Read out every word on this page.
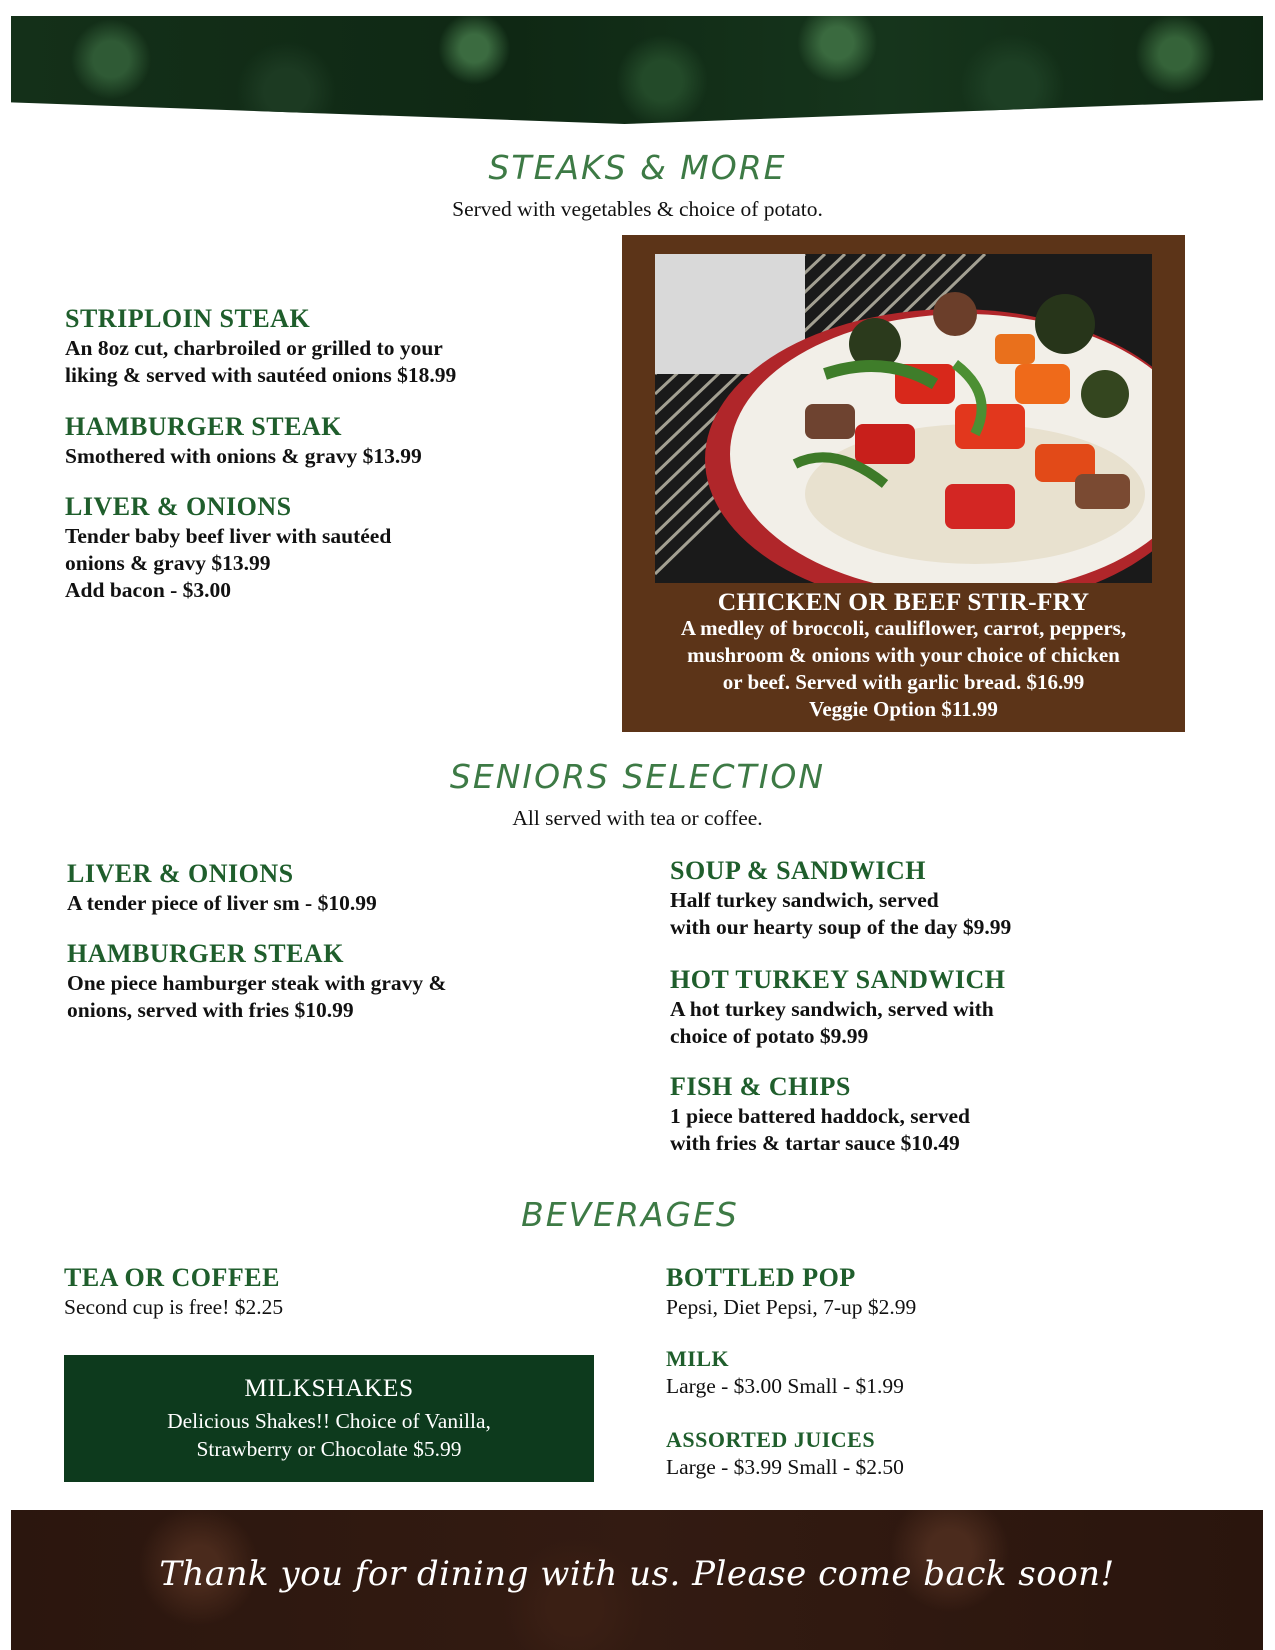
STEAKS & MORE
Served with vegetables & choice of potato.
STRIPLOIN STEAK
An 8oz cut, charbroiled or grilled to your
liking & served with sautéed onions $18.99
HAMBURGER STEAK
Smothered with onions & gravy $13.99
LIVER & ONIONS
Tender baby beef liver with sautéed
onions & gravy $13.99
Add bacon - $3.00	CHICKEN OR BEEF STIR-FRY
A medley of broccoli, cauliflower, carrot, peppers,
mushroom & onions with your choice of chicken
or beef. Served with garlic bread. $16.99
Veggie Option $11.99
SENIORS SELECTION
All served with tea or coffee.
LIVER & ONIONS
A tender piece of liver sm - $10.99
HAMBURGER STEAK
One piece hamburger steak with gravy &
onions, served with fries $10.99
SOUP & SANDWICH
Half turkey sandwich, served
with our hearty soup of the day $9.99
HOT TURKEY SANDWICH
A hot turkey sandwich, served with
choice of potato $9.99
FISH & CHIPS
1 piece battered haddock, served
with fries & tartar sauce $10.49
BEVERAGES
TEA OR COFFEE
Second cup is free! $2.25
MILKSHAKES
Delicious Shakes!! Choice of Vanilla,
Strawberry or Chocolate $5.99
BOTTLED POP
Pepsi, Diet Pepsi, 7-up $2.99
MILK
Large - $3.00 Small - $1.99
ASSORTED JUICES
Large - $3.99 Small - $2.50
Thank you for dining with us. Please come back soon!
